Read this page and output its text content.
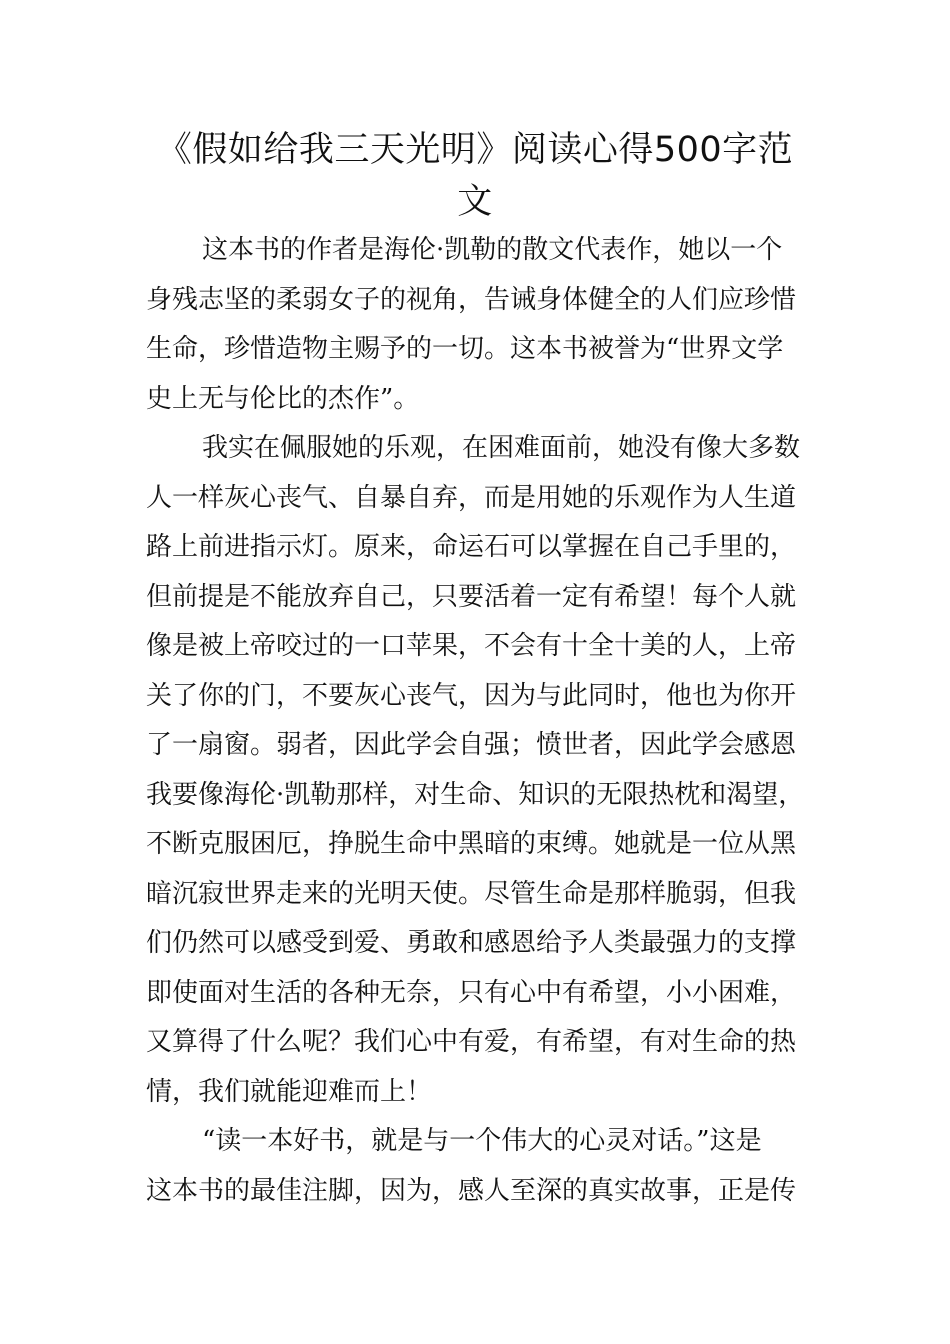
《假如给我三天光明》阅读心得500字范
文
这本书的作者是海伦·凯勒的散文代表作，她以一个
身残志坚的柔弱女子的视角，告诫身体健全的人们应珍惜
生命，珍惜造物主赐予的一切。这本书被誉为“世界文学
史上无与伦比的杰作”。
我实在佩服她的乐观，在困难面前，她没有像大多数
人一样灰心丧气、自暴自弃，而是用她的乐观作为人生道
路上前进指示灯。原来，命运石可以掌握在自己手里的，
但前提是不能放弃自己，只要活着一定有希望！每个人就
像是被上帝咬过的一口苹果，不会有十全十美的人，上帝
关了你的门，不要灰心丧气，因为与此同时，他也为你开
了一扇窗。弱者，因此学会自强；愤世者，因此学会感恩
我要像海伦·凯勒那样，对生命、知识的无限热枕和渴望，
不断克服困厄，挣脱生命中黑暗的束缚。她就是一位从黑
暗沉寂世界走来的光明天使。尽管生命是那样脆弱，但我
们仍然可以感受到爱、勇敢和感恩给予人类最强力的支撑
即使面对生活的各种无奈，只有心中有希望，小小困难，
又算得了什么呢？我们心中有爱，有希望，有对生命的热
情，我们就能迎难而上！
“读一本好书，就是与一个伟大的心灵对话。”这是
这本书的最佳注脚，因为，感人至深的真实故事，正是传
